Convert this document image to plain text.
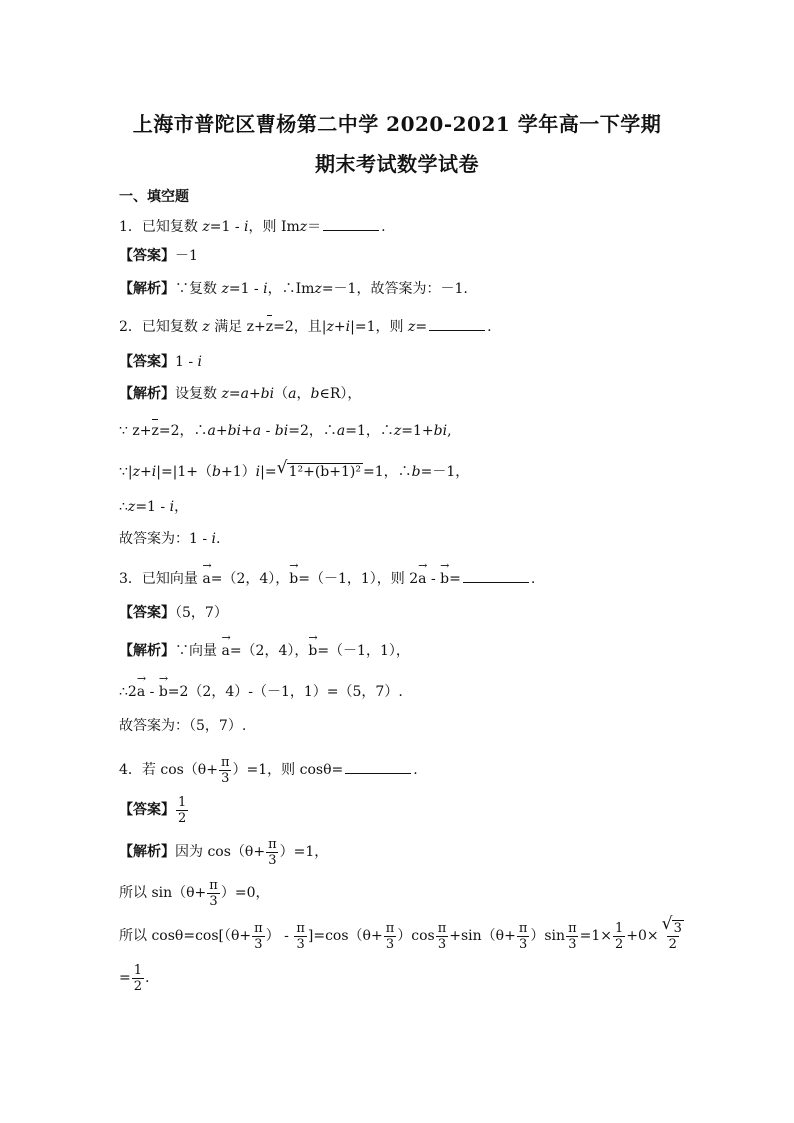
上海市普陀区曹杨第二中学 2020-2021 学年高一下学期
期末考试数学试卷
一、填空题
1．已知复数 z=1 - i，则 Imz＝	.
【答案】－1
【解析】∵复数 z=1 - i，∴Imz=－1，故答案为：－1.
2．已知复数 z 满足 z+z=2，且|z+i|=1，则 z=	.
【答案】1 - i
【解析】设复数 z=a+bi（a，b∈R），
∵ z+z=2，∴a+bi+a - bi=2，∴a=1，∴z=1+bi,
∵|z+i|=|1+（b+1）i|= √ 1²+(b+1)² =1，∴b=－1，
∴z=1 - i，
故答案为：1 - i.
3．已知向量 → a=（2，4），→ b=（－1，1），则 2→ a - → b=	.
【答案】（5，7）
【解析】∵向量 → a=（2，4），→ b=（－1，1），
∴2→ a - → b=2（2，4）-（－1，1）=（5，7）.
故答案为：（5，7）.
4．若 $\cos(\theta+ \frac{\pi}{3} )=1$，则 cosθ=	.
【答案】 $\frac{1}{2}$
【解析】因为 $\cos(\theta+ \frac{\pi}{3} )=1$，
所以 $\sin(\theta+ \frac{\pi}{3} )=0$，
所以 $\cos\theta=\cos[(\theta+ \frac{\pi}{3}$ ） - $\frac{\pi}{3} ]=\cos(\theta+ \frac{\pi}{3} )\cos \frac{\pi}{3} +\sin(\theta+ \frac{\pi}{3} )\sin \frac{\pi}{3} =1\times \frac{1}{2} +0\times$ √ $\frac{3}{2}$
= $\frac{1}{2}$ .
